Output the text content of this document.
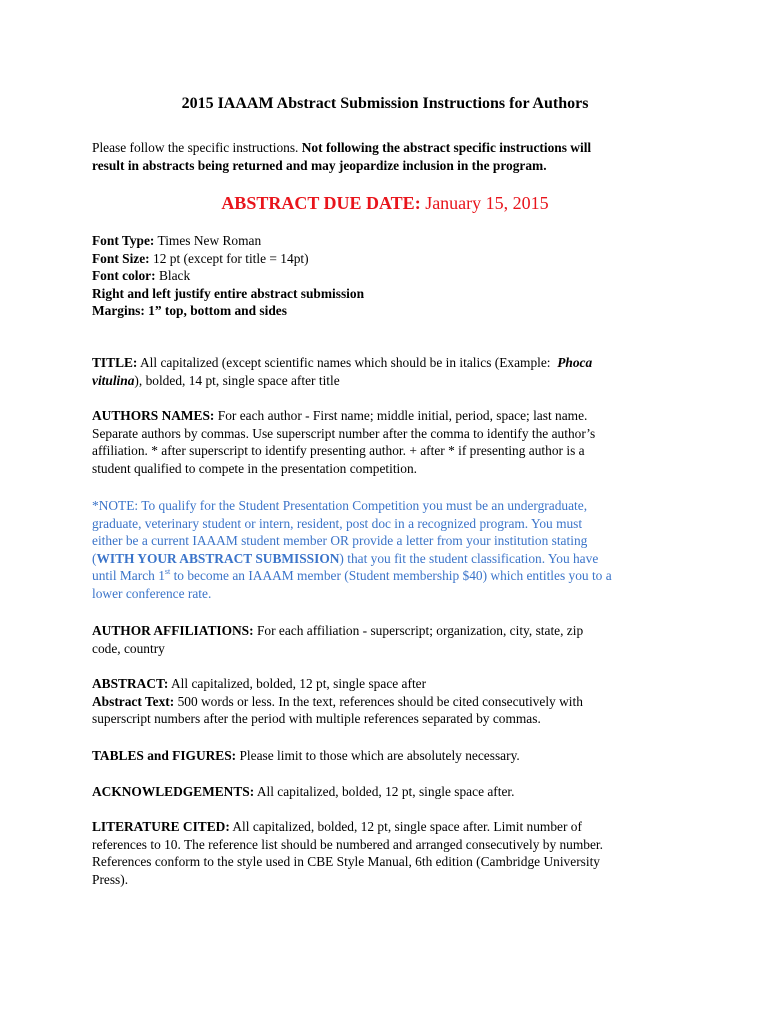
2015 IAAAM Abstract Submission Instructions for Authors
Please follow the specific instructions. Not following the abstract specific instructions will
result in abstracts being returned and may jeopardize inclusion in the program.
ABSTRACT DUE DATE: January 15, 2015
Font Type: Times New Roman
Font Size: 12 pt (except for title = 14pt)
Font color: Black
Right and left justify entire abstract submission
Margins: 1” top, bottom and sides
TITLE: All capitalized (except scientific names which should be in italics (Example: Phoca
vitulina), bolded, 14 pt, single space after title
AUTHORS NAMES: For each author - First name; middle initial, period, space; last name.
Separate authors by commas. Use superscript number after the comma to identify the author’s
affiliation. * after superscript to identify presenting author. + after * if presenting author is a
student qualified to compete in the presentation competition.
*NOTE: To qualify for the Student Presentation Competition you must be an undergraduate,
graduate, veterinary student or intern, resident, post doc in a recognized program. You must
either be a current IAAAM student member OR provide a letter from your institution stating
(WITH YOUR ABSTRACT SUBMISSION) that you fit the student classification. You have
until March 1st to become an IAAAM member (Student membership $40) which entitles you to a
lower conference rate.
AUTHOR AFFILIATIONS: For each affiliation - superscript; organization, city, state, zip
code, country
ABSTRACT: All capitalized, bolded, 12 pt, single space after
Abstract Text: 500 words or less. In the text, references should be cited consecutively with
superscript numbers after the period with multiple references separated by commas.
TABLES and FIGURES: Please limit to those which are absolutely necessary.
ACKNOWLEDGEMENTS: All capitalized, bolded, 12 pt, single space after.
LITERATURE CITED: All capitalized, bolded, 12 pt, single space after. Limit number of
references to 10. The reference list should be numbered and arranged consecutively by number.
References conform to the style used in CBE Style Manual, 6th edition (Cambridge University
Press).
